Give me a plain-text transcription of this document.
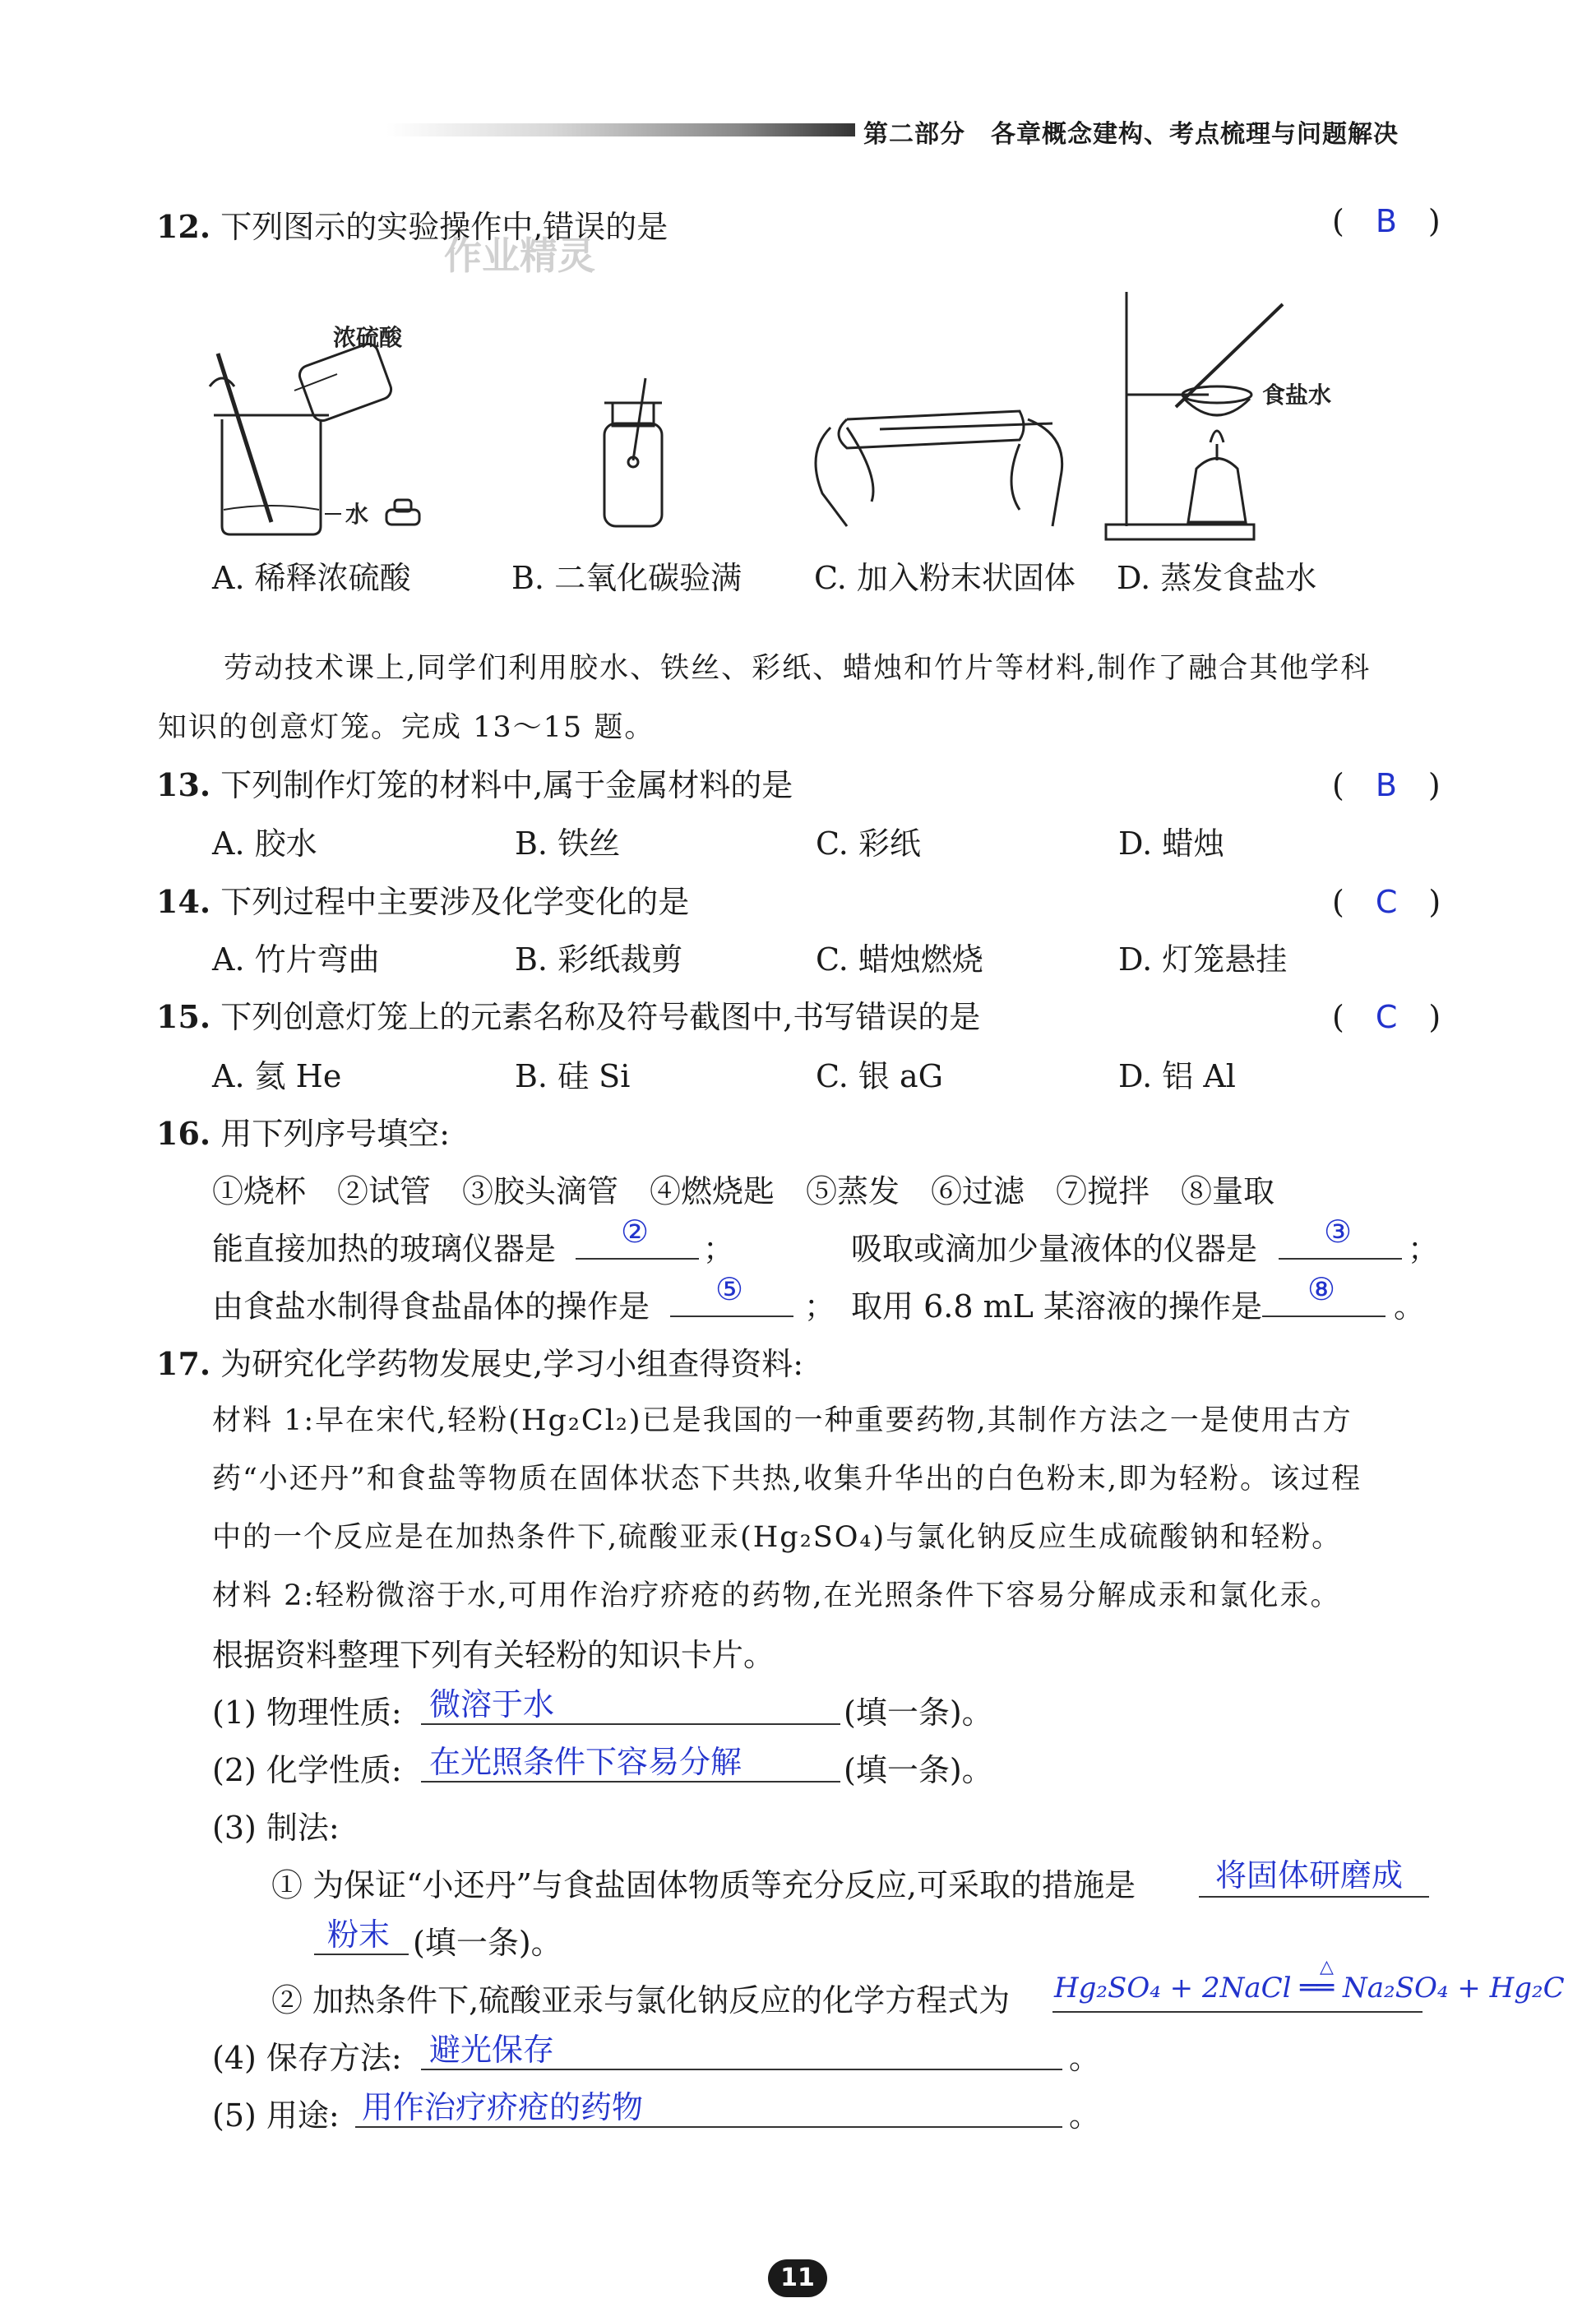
第二部分　各章概念建构、考点梳理与问题解决
12. 下列图示的实验操作中,错误的是
作业精灵
(　B　)
浓硫酸
水
食盐水
A. 稀释浓硫酸	B. 二氧化碳验满 C. 加入粉末状固体 D. 蒸发食盐水
劳动技术课上,同学们利用胶水、铁丝、彩纸、蜡烛和竹片等材料,制作了融合其他学科
知识的创意灯笼。完成 13～15 题。
13. 下列制作灯笼的材料中,属于金属材料的是	(　B　)
A. 胶水	B. 铁丝	C. 彩纸	D. 蜡烛
14. 下列过程中主要涉及化学变化的是	(　C　)
A. 竹片弯曲	B. 彩纸裁剪	C. 蜡烛燃烧	D. 灯笼悬挂
15. 下列创意灯笼上的元素名称及符号截图中,书写错误的是	(　C　)
A. 氦 He	B. 硅 Si	C. 银 aG	D. 铝 Al
16. 用下列序号填空:
①烧杯　②试管　③胶头滴管　④燃烧匙　⑤蒸发　⑥过滤　⑦搅拌　⑧量取
能直接加热的玻璃仪器是 ② ；	吸取或滴加少量液体的仪器是 ③ ；
由食盐水制得食盐晶体的操作是 ⑤ ； 取用 6.8 mL 某溶液的操作是 ⑧ 。
17. 为研究化学药物发展史,学习小组查得资料:
材料 1:早在宋代,轻粉(Hg₂Cl₂)已是我国的一种重要药物,其制作方法之一是使用古方
药“小还丹”和食盐等物质在固体状态下共热,收集升华出的白色粉末,即为轻粉。该过程
中的一个反应是在加热条件下,硫酸亚汞(Hg₂SO₄)与氯化钠反应生成硫酸钠和轻粉。
材料 2:轻粉微溶于水,可用作治疗疥疮的药物,在光照条件下容易分解成汞和氯化汞。
根据资料整理下列有关轻粉的知识卡片。
(1) 物理性质: 微溶于水	(填一条)。
(2) 化学性质: 在光照条件下容易分解	(填一条)。
(3) 制法:
① 为保证“小还丹”与食盐固体物质等充分反应,可采取的措施是	将固体研磨成
粉末 (填一条)。
② 加热条件下,硫酸亚汞与氯化钠反应的化学方程式为 Hg₂SO₄ + 2NaCl ══ Na₂SO₄ + Hg₂C
△
(4) 保存方法: 避光保存	。
(5) 用途: 用作治疗疥疮的药物	。
11
